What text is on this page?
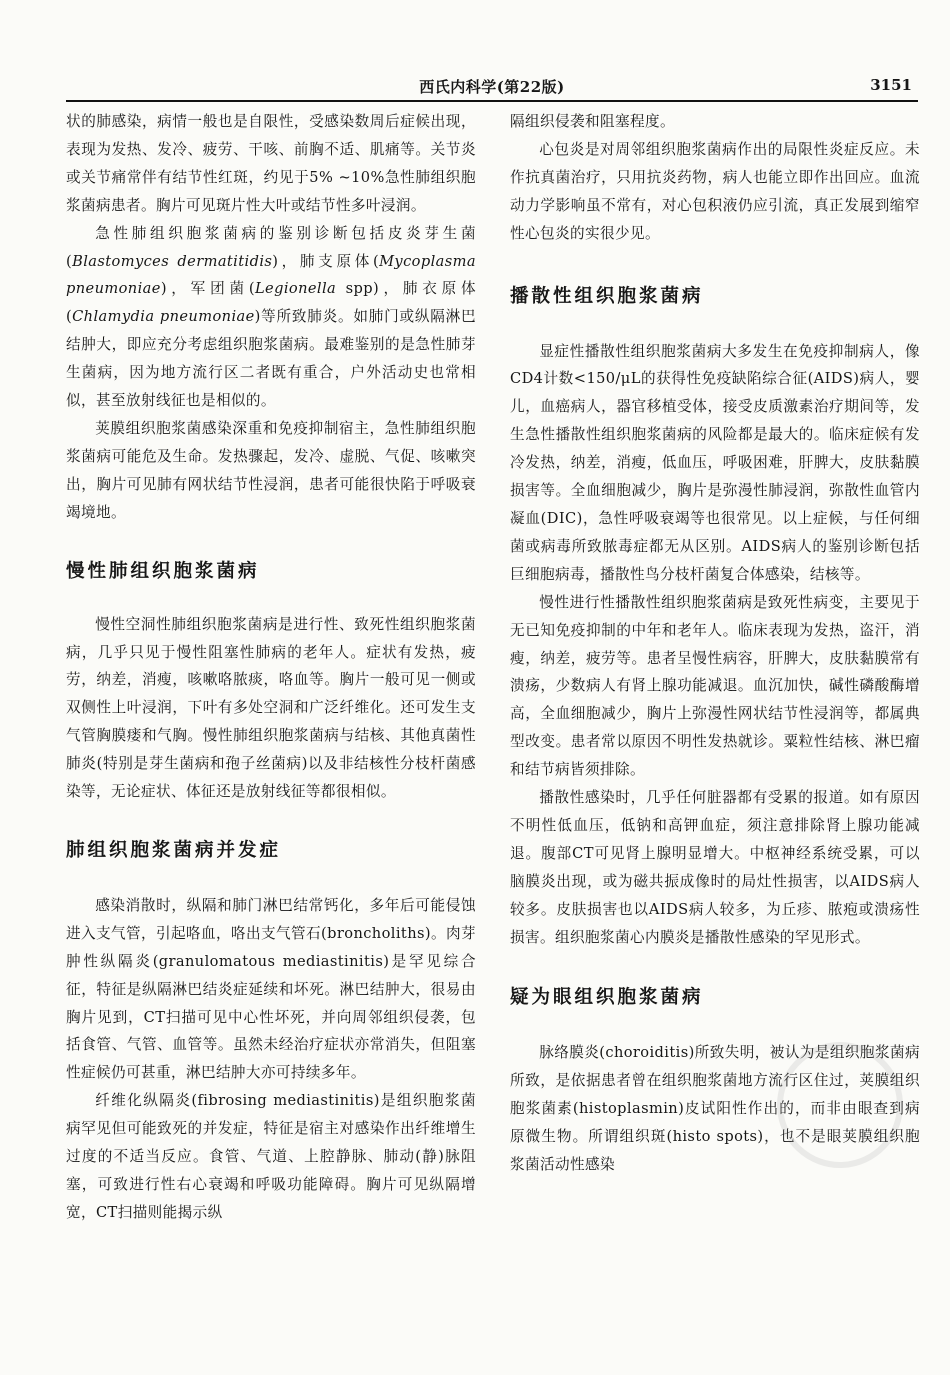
西氏内科学(第22版)	3151

状的肺感染，病情一般也是自限性，受感染数周后症候出现，表现为发热、发冷、疲劳、干咳、前胸不适、肌痛等。关节炎或关节痛常伴有结节性红斑，约见于5% ~10%急性肺组织胞浆菌病患者。胸片可见斑片性大叶或结节性多叶浸润。

急性肺组织胞浆菌病的鉴别诊断包括皮炎芽生菌(Blastomyces dermatitidis)，肺支原体(Mycoplasma pneumoniae)，军团菌(Legionella spp)，肺衣原体(Chlamydia pneumoniae)等所致肺炎。如肺门或纵隔淋巴结肿大，即应充分考虑组织胞浆菌病。最难鉴别的是急性肺芽生菌病，因为地方流行区二者既有重合，户外活动史也常相似，甚至放射线征也是相似的。

荚膜组织胞浆菌感染深重和免疫抑制宿主，急性肺组织胞浆菌病可能危及生命。发热骤起，发冷、虚脱、气促、咳嗽突出，胸片可见肺有网状结节性浸润，患者可能很快陷于呼吸衰竭境地。

慢性肺组织胞浆菌病

慢性空洞性肺组织胞浆菌病是进行性、致死性组织胞浆菌病，几乎只见于慢性阻塞性肺病的老年人。症状有发热，疲劳，纳差，消瘦，咳嗽咯脓痰，咯血等。胸片一般可见一侧或双侧性上叶浸润，下叶有多处空洞和广泛纤维化。还可发生支气管胸膜瘘和气胸。慢性肺组织胞浆菌病与结核、其他真菌性肺炎(特别是芽生菌病和孢子丝菌病)以及非结核性分枝杆菌感染等，无论症状、体征还是放射线征等都很相似。

肺组织胞浆菌病并发症

感染消散时，纵隔和肺门淋巴结常钙化，多年后可能侵蚀进入支气管，引起咯血，咯出支气管石(broncholiths)。肉芽肿性纵隔炎(granulomatous mediastinitis)是罕见综合征，特征是纵隔淋巴结炎症延续和坏死。淋巴结肿大，很易由胸片见到，CT扫描可见中心性坏死，并向周邻组织侵袭，包括食管、气管、血管等。虽然未经治疗症状亦常消失，但阻塞性症候仍可甚重，淋巴结肿大亦可持续多年。

纤维化纵隔炎(fibrosing mediastinitis)是组织胞浆菌病罕见但可能致死的并发症，特征是宿主对感染作出纤维增生过度的不适当反应。食管、气道、上腔静脉、肺动(静)脉阻塞，可致进行性右心衰竭和呼吸功能障碍。胸片可见纵隔增宽，CT扫描则能揭示纵

隔组织侵袭和阻塞程度。

心包炎是对周邻组织胞浆菌病作出的局限性炎症反应。未作抗真菌治疗，只用抗炎药物，病人也能立即作出回应。血流动力学影响虽不常有，对心包积液仍应引流，真正发展到缩窄性心包炎的实很少见。

播散性组织胞浆菌病

显症性播散性组织胞浆菌病大多发生在免疫抑制病人，像CD4计数<150/μL的获得性免疫缺陷综合征(AIDS)病人，婴儿，血癌病人，器官移植受体，接受皮质激素治疗期间等，发生急性播散性组织胞浆菌病的风险都是最大的。临床症候有发冷发热，纳差，消瘦，低血压，呼吸困难，肝脾大，皮肤黏膜损害等。全血细胞减少，胸片是弥漫性肺浸润，弥散性血管内凝血(DIC)，急性呼吸衰竭等也很常见。以上症候，与任何细菌或病毒所致脓毒症都无从区别。AIDS病人的鉴别诊断包括巨细胞病毒，播散性鸟分枝杆菌复合体感染，结核等。

慢性进行性播散性组织胞浆菌病是致死性病变，主要见于无已知免疫抑制的中年和老年人。临床表现为发热，盗汗，消瘦，纳差，疲劳等。患者呈慢性病容，肝脾大，皮肤黏膜常有溃疡，少数病人有肾上腺功能减退。血沉加快，碱性磷酸酶增高，全血细胞减少，胸片上弥漫性网状结节性浸润等，都属典型改变。患者常以原因不明性发热就诊。粟粒性结核、淋巴瘤和结节病皆须排除。

播散性感染时，几乎任何脏器都有受累的报道。如有原因不明性低血压，低钠和高钾血症，须注意排除肾上腺功能减退。腹部CT可见肾上腺明显增大。中枢神经系统受累，可以脑膜炎出现，或为磁共振成像时的局灶性损害，以AIDS病人较多。皮肤损害也以AIDS病人较多，为丘疹、脓疱或溃疡性损害。组织胞浆菌心内膜炎是播散性感染的罕见形式。

疑为眼组织胞浆菌病

脉络膜炎(choroiditis)所致失明，被认为是组织胞浆菌病所致，是依据患者曾在组织胞浆菌地方流行区住过，荚膜组织胞浆菌素(histoplasmin)皮试阳性作出的，而非由眼查到病原微生物。所谓组织斑(histo spots)，也不是眼荚膜组织胞浆菌活动性感染
